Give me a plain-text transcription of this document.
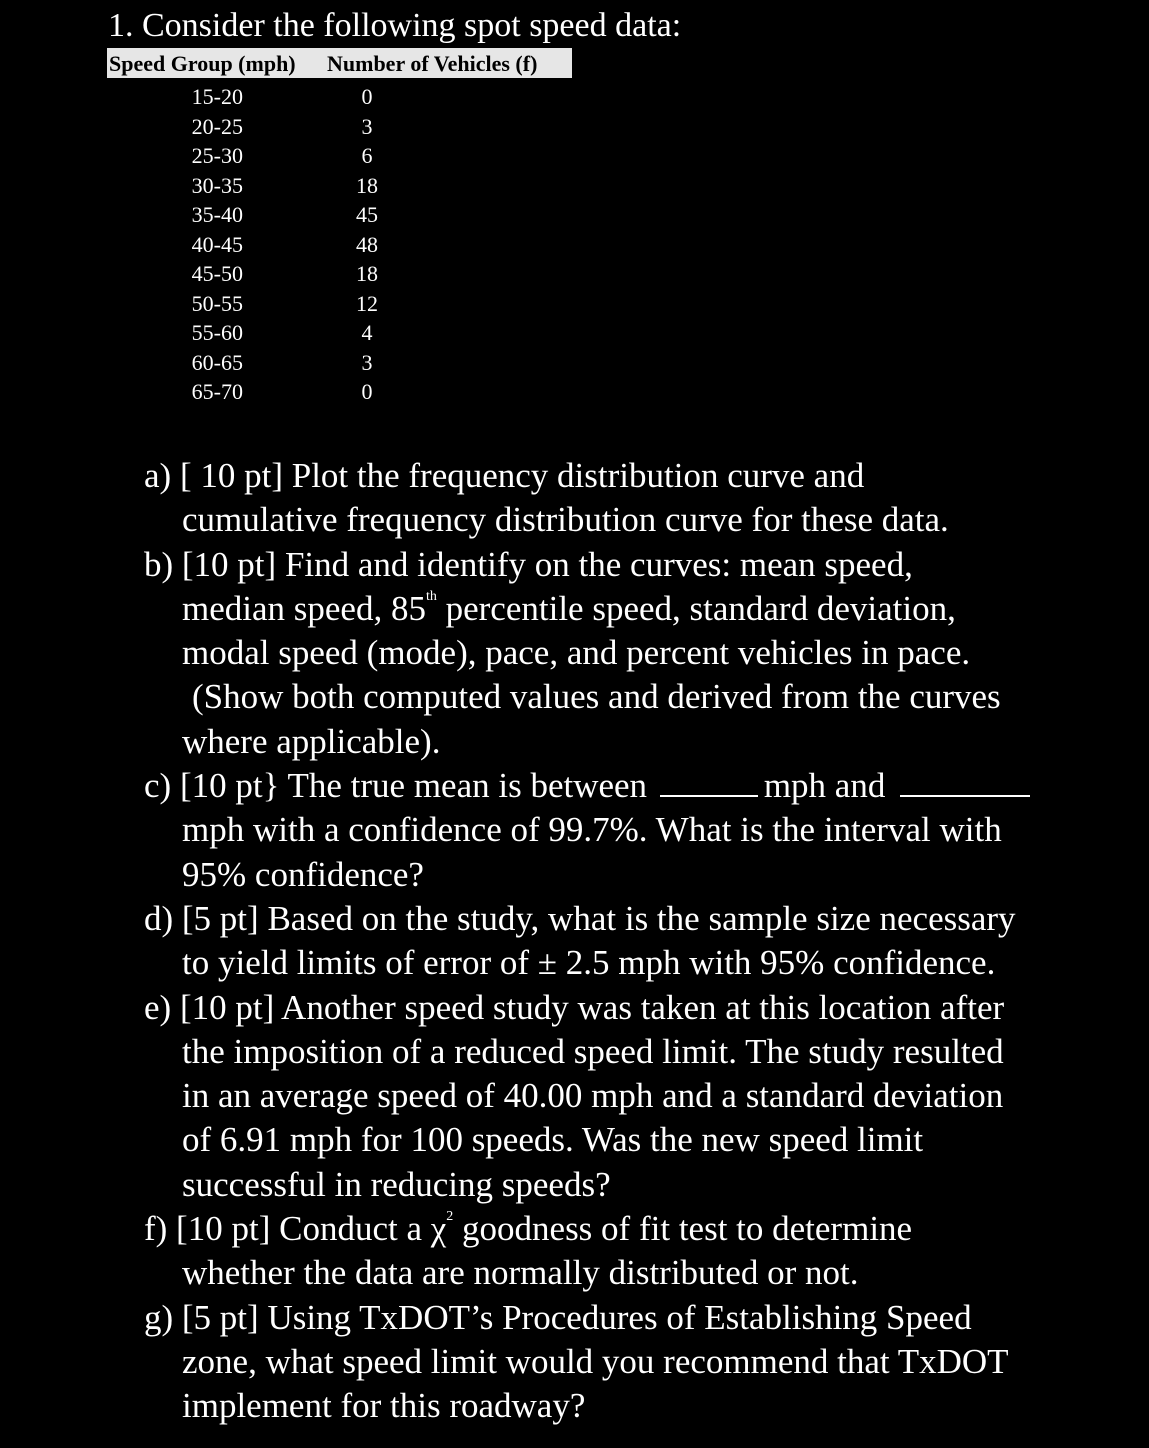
1. Consider the following spot speed data:
Speed Group (mph)	Number of Vehicles (f)
15-20	0
20-25	3
25-30	6
30-35	18
35-40	45
40-45	48
45-50	18
50-55	12
55-60	4
60-65	3
65-70	0
a) [ 10 pt] Plot the frequency distribution curve and
cumulative frequency distribution curve for these data.
b) [10 pt] Find and identify on the curves: mean speed,
median speed, 85th percentile speed, standard deviation,
modal speed (mode), pace, and percent vehicles in pace.
(Show both computed values and derived from the curves
where applicable).
c) [10 pt} The true mean is between	mph and
mph with a confidence of 99.7%. What is the interval with
95% confidence?
d) [5 pt] Based on the study, what is the sample size necessary
to yield limits of error of ± 2.5 mph with 95% confidence.
e) [10 pt] Another speed study was taken at this location after
the imposition of a reduced speed limit. The study resulted
in an average speed of 40.00 mph and a standard deviation
of 6.91 mph for 100 speeds. Was the new speed limit
successful in reducing speeds?
f) [10 pt] Conduct a $\chi^2$ goodness of fit test to determine
whether the data are normally distributed or not.
g) [5 pt] Using TxDOT’s Procedures of Establishing Speed
zone, what speed limit would you recommend that TxDOT
implement for this roadway?
